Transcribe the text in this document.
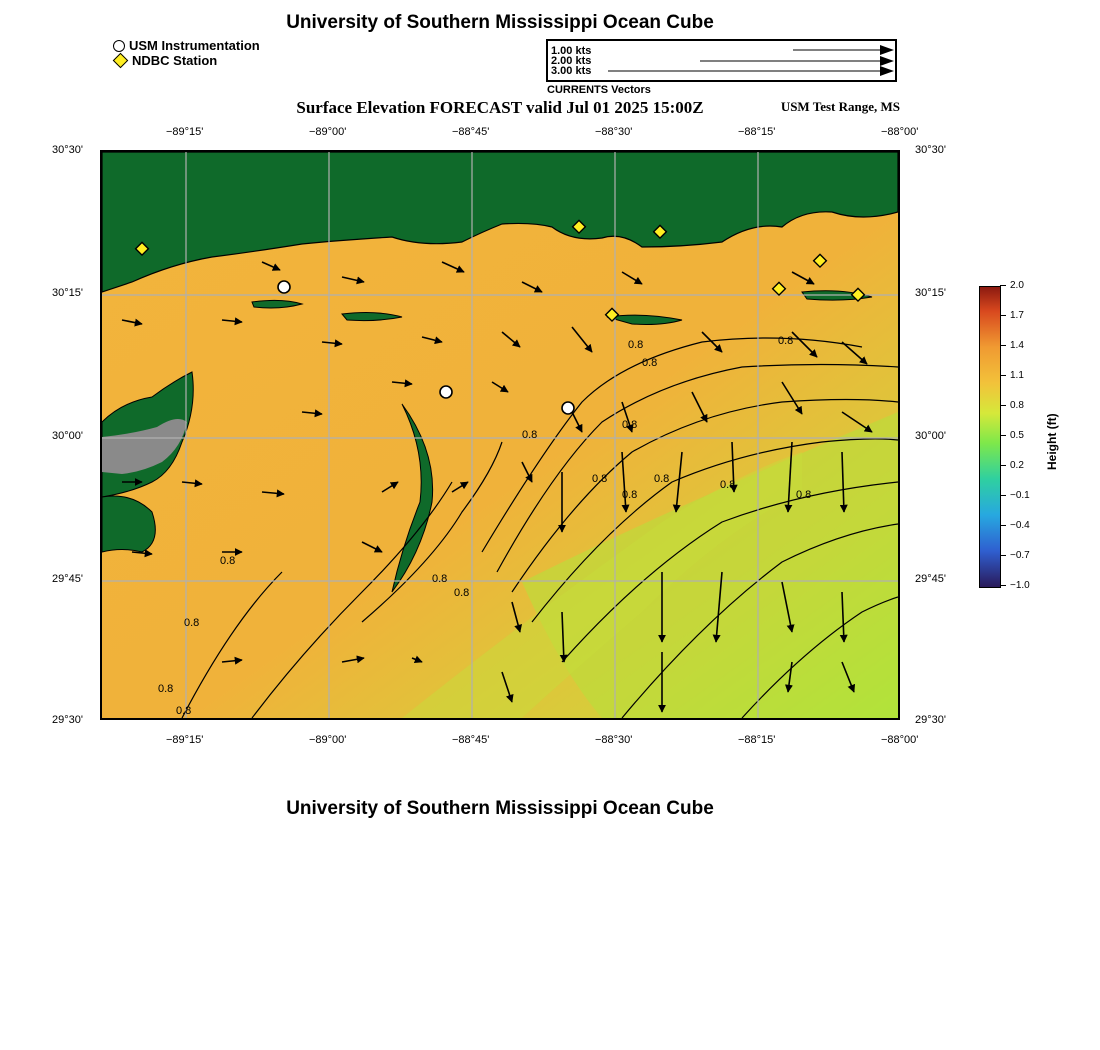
University of Southern Mississippi Ocean Cube
USM Instrumentation
NDBC Station
1.00 kts
2.00 kts
3.00 kts
CURRENTS Vectors
Surface Elevation FORECAST valid Jul 01 2025 15:00Z	USM Test Range, MS
−89°15'	−89°00'	−88°45'	−88°30'	−88°15'	−88°00'
−89°15'	−89°00'	−88°45'	−88°30'	−88°15'	−88°00'
30°30'
30°15'
30°00'
29°45'
29°30'
30°30'
30°15'
30°00'
29°45'
29°30'
0.8
0.8
0.8
0.8
0.8
0.8
0.8
0.8	0.8
0.8
0.8
0.8
0.8
0.8
0.8
0.8
2.0
1.7
1.4
1.1
0.8
0.5
0.2
−0.1
−0.4
−0.7
−1.0
Height (ft)
University of Southern Mississippi Ocean Cube
